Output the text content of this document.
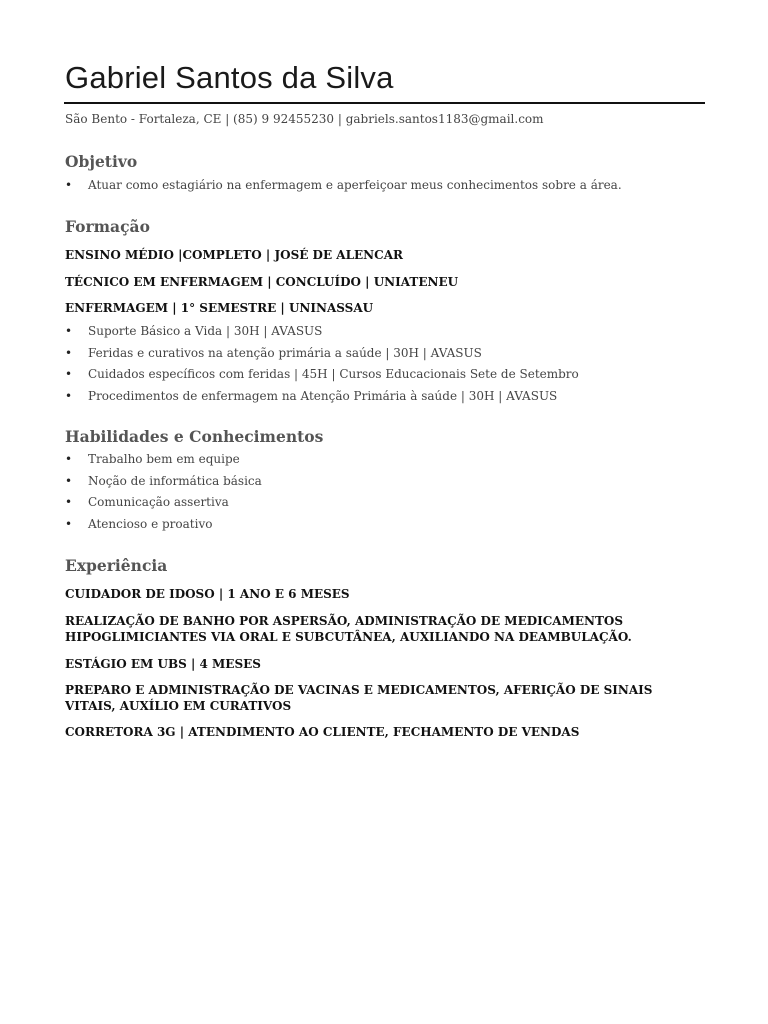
Gabriel Santos da Silva
São Bento - Fortaleza, CE | (85) 9 92455230 | gabriels.santos1183@gmail.com
Objetivo
• Atuar como estagiário na enfermagem e aperfeiçoar meus conhecimentos sobre a área.
Formação
ENSINO MÉDIO |COMPLETO | JOSÉ DE ALENCAR
TÉCNICO EM ENFERMAGEM | CONCLUÍDO | UNIATENEU
ENFERMAGEM | 1° SEMESTRE | UNINASSAU
• Suporte Básico a Vida | 30H | AVASUS
• Feridas e curativos na atenção primária a saúde | 30H | AVASUS
• Cuidados específicos com feridas | 45H | Cursos Educacionais Sete de Setembro
• Procedimentos de enfermagem na Atenção Primária à saúde | 30H | AVASUS
Habilidades e Conhecimentos
• Trabalho bem em equipe
• Noção de informática básica
• Comunicação assertiva
• Atencioso e proativo
Experiência
CUIDADOR DE IDOSO | 1 ANO E 6 MESES
REALIZAÇÃO DE BANHO POR ASPERSÃO, ADMINISTRAÇÃO DE MEDICAMENTOS HIPOGLIMICIANTES VIA ORAL E SUBCUTÂNEA, AUXILIANDO NA DEAMBULAÇÃO.
ESTÁGIO EM UBS | 4 MESES
PREPARO E ADMINISTRAÇÃO DE VACINAS E MEDICAMENTOS, AFERIÇÃO DE SINAIS VITAIS, AUXÍLIO EM CURATIVOS
CORRETORA 3G | ATENDIMENTO AO CLIENTE, FECHAMENTO DE VENDAS
